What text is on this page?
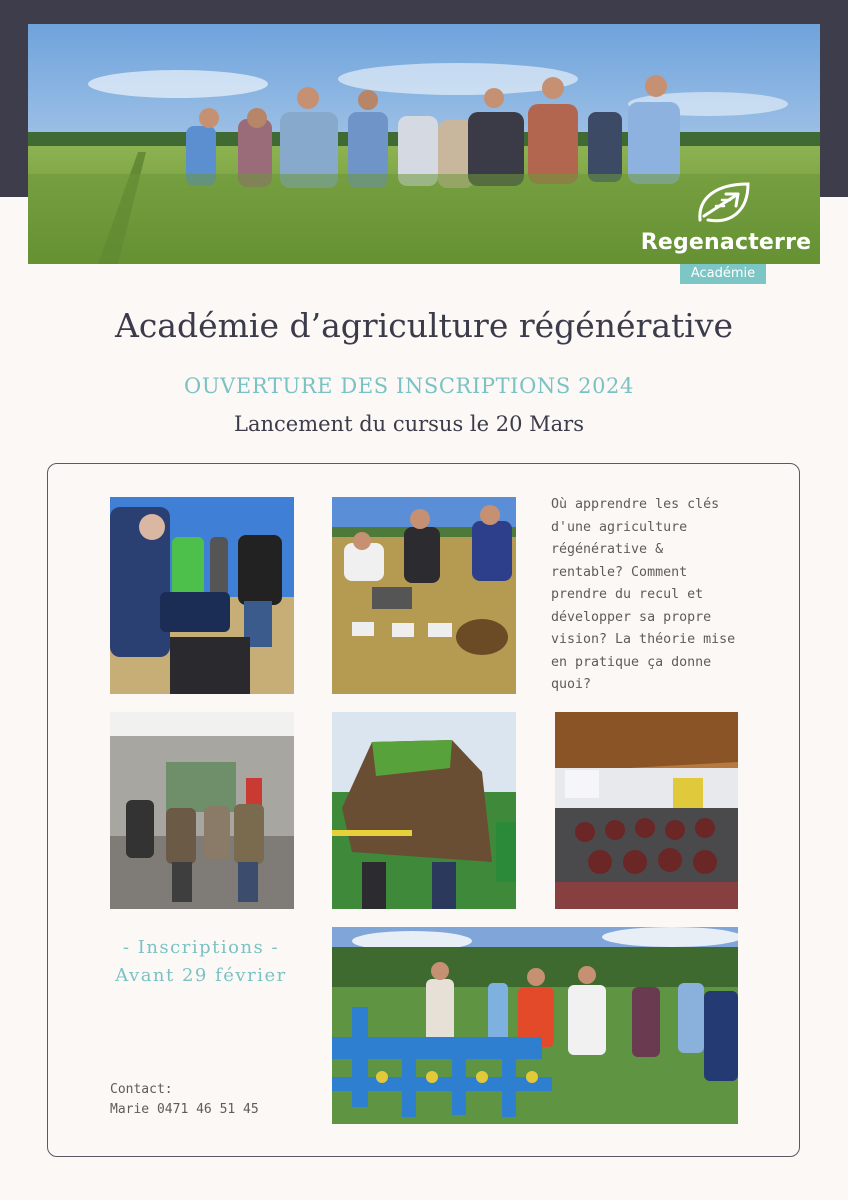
Regenacterre
Académie
Académie d’agriculture régénérative
OUVERTURE DES INSCRIPTIONS 2024
Lancement du cursus le 20 Mars

Où apprendre les clés d'une agriculture régénérative & rentable? Comment prendre du recul et développer sa propre vision? La théorie mise en pratique ça donne quoi?

- Inscriptions -
Avant 29 février
Contact:
Marie 0471 46 51 45
